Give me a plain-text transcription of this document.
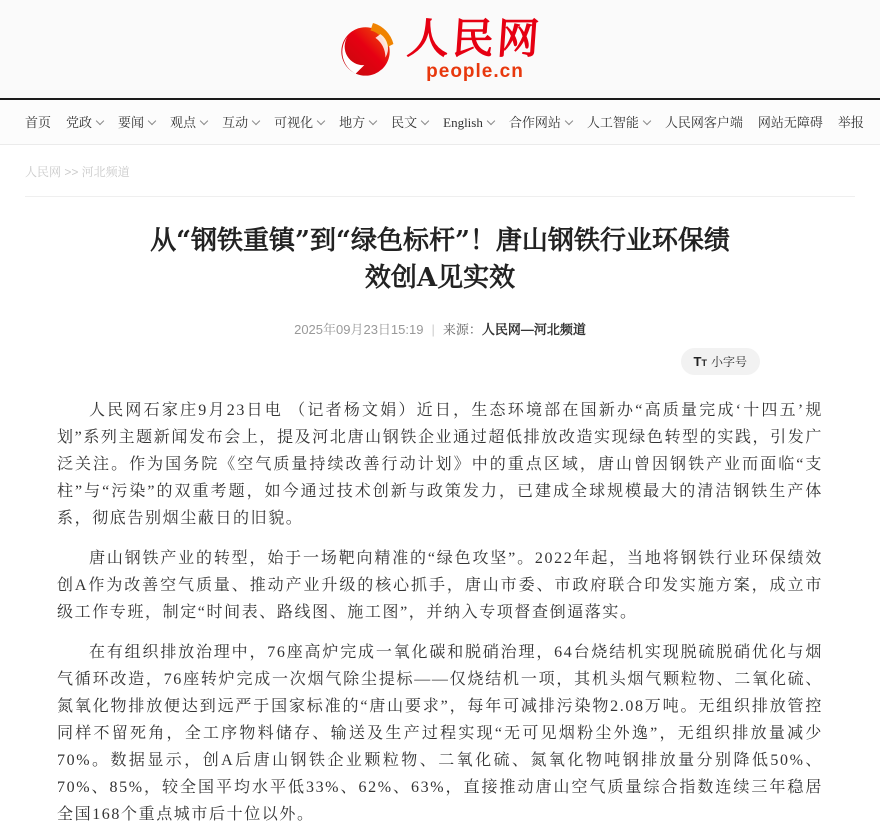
人民网
people.cn
首页 党政 要闻 观点 互动 可视化 地方 民文 English 合作网站 人工智能 人民网客户端 网站无障碍 举报
人民网 >> 河北频道
从“钢铁重镇”到“绿色标杆”！唐山钢铁行业环保绩效创A见实效
2025年09月23日15:19 | 来源：人民网—河北频道
T T 小字号

人民网石家庄9月23日电 （记者杨文娟）近日，生态环境部在国新办“高质量完成‘十四五’规划”系列主题新闻发布会上，提及河北唐山钢铁企业通过超低排放改造实现绿色转型的实践，引发广泛关注。作为国务院《空气质量持续改善行动计划》中的重点区域，唐山曾因钢铁产业而面临“支柱”与“污染”的双重考题，如今通过技术创新与政策发力，已建成全球规模最大的清洁钢铁生产体系，彻底告别烟尘蔽日的旧貌。

唐山钢铁产业的转型，始于一场靶向精准的“绿色攻坚”。2022年起，当地将钢铁行业环保绩效创A作为改善空气质量、推动产业升级的核心抓手，唐山市委、市政府联合印发实施方案，成立市级工作专班，制定“时间表、路线图、施工图”，并纳入专项督查倒逼落实。

在有组织排放治理中，76座高炉完成一氧化碳和脱硝治理，64台烧结机实现脱硫脱硝优化与烟气循环改造，76座转炉完成一次烟气除尘提标——仅烧结机一项，其机头烟气颗粒物、二氧化硫、氮氧化物排放便达到远严于国家标准的“唐山要求”，每年可减排污染物2.08万吨。无组织排放管控同样不留死角，全工序物料储存、输送及生产过程实现“无可见烟粉尘外逸”，无组织排放量减少70%。数据显示，创A后唐山钢铁企业颗粒物、二氧化硫、氮氧化物吨钢排放量分别降低50%、70%、85%，较全国平均水平低33%、62%、63%，直接推动唐山空气质量综合指数连续三年稳居全国168个重点城市后十位以外。
